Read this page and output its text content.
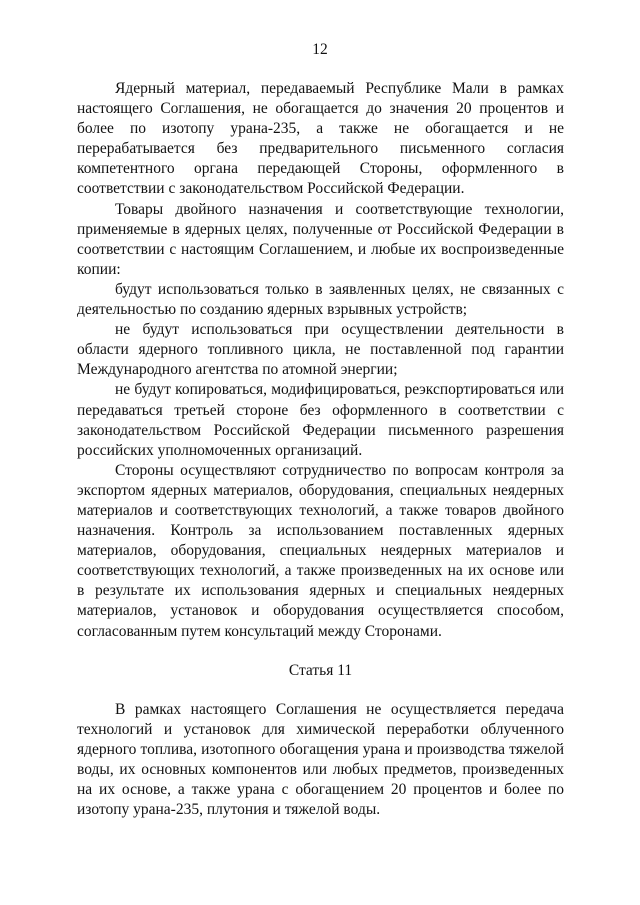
12

Ядерный материал, передаваемый Республике Мали в рамках настоящего Соглашения, не обогащается до значения 20 процентов и более по изотопу урана-235, а также не обогащается и не перерабатывается без предварительного письменного согласия компетентного органа передающей Стороны, оформленного в соответствии с законодательством Российской Федерации.

Товары двойного назначения и соответствующие технологии, применяемые в ядерных целях, полученные от Российской Федерации в соответствии с настоящим Соглашением, и любые их воспроизведенные копии:

будут использоваться только в заявленных целях, не связанных с деятельностью по созданию ядерных взрывных устройств;

не будут использоваться при осуществлении деятельности в области ядерного топливного цикла, не поставленной под гарантии Международного агентства по атомной энергии;

не будут копироваться, модифицироваться, реэкспортироваться или передаваться третьей стороне без оформленного в соответствии с законодательством Российской Федерации письменного разрешения российских уполномоченных организаций.

Стороны осуществляют сотрудничество по вопросам контроля за экспортом ядерных материалов, оборудования, специальных неядерных материалов и соответствующих технологий, а также товаров двойного назначения. Контроль за использованием поставленных ядерных материалов, оборудования, специальных неядерных материалов и соответствующих технологий, а также произведенных на их основе или в результате их использования ядерных и специальных неядерных материалов, установок и оборудования осуществляется способом, согласованным путем консультаций между Сторонами.

Статья 11

В рамках настоящего Соглашения не осуществляется передача технологий и установок для химической переработки облученного ядерного топлива, изотопного обогащения урана и производства тяжелой воды, их основных компонентов или любых предметов, произведенных на их основе, а также урана с обогащением 20 процентов и более по изотопу урана-235, плутония и тяжелой воды.
